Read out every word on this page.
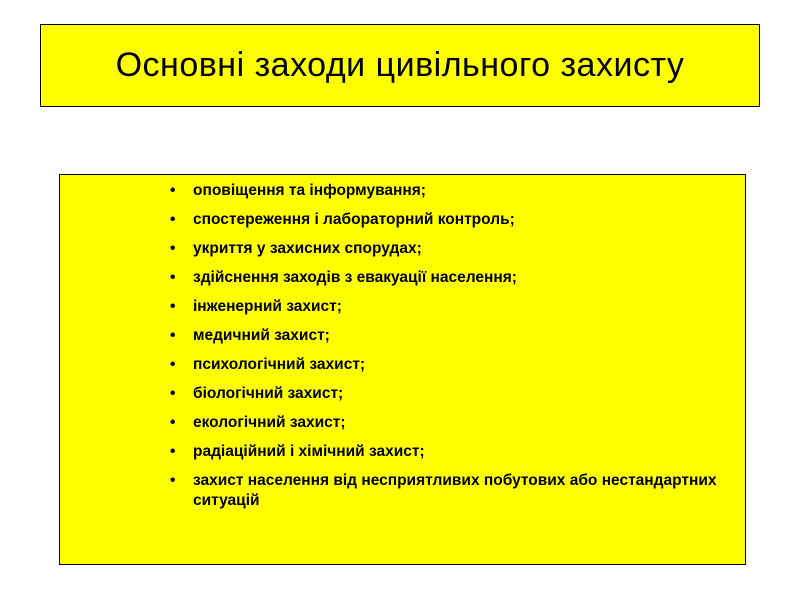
Основні заходи цивільного захисту
• оповіщення та інформування;
• спостереження і лабораторний контроль;
• укриття у захисних спорудах;
• здійснення заходів з евакуації населення;
• інженерний захист;
• медичний захист;
• психологічний захист;
• біологічний захист;
• екологічний захист;
• радіаційний і хімічний захист;
• захист населення від несприятливих побутових або нестандартних ситуацій
